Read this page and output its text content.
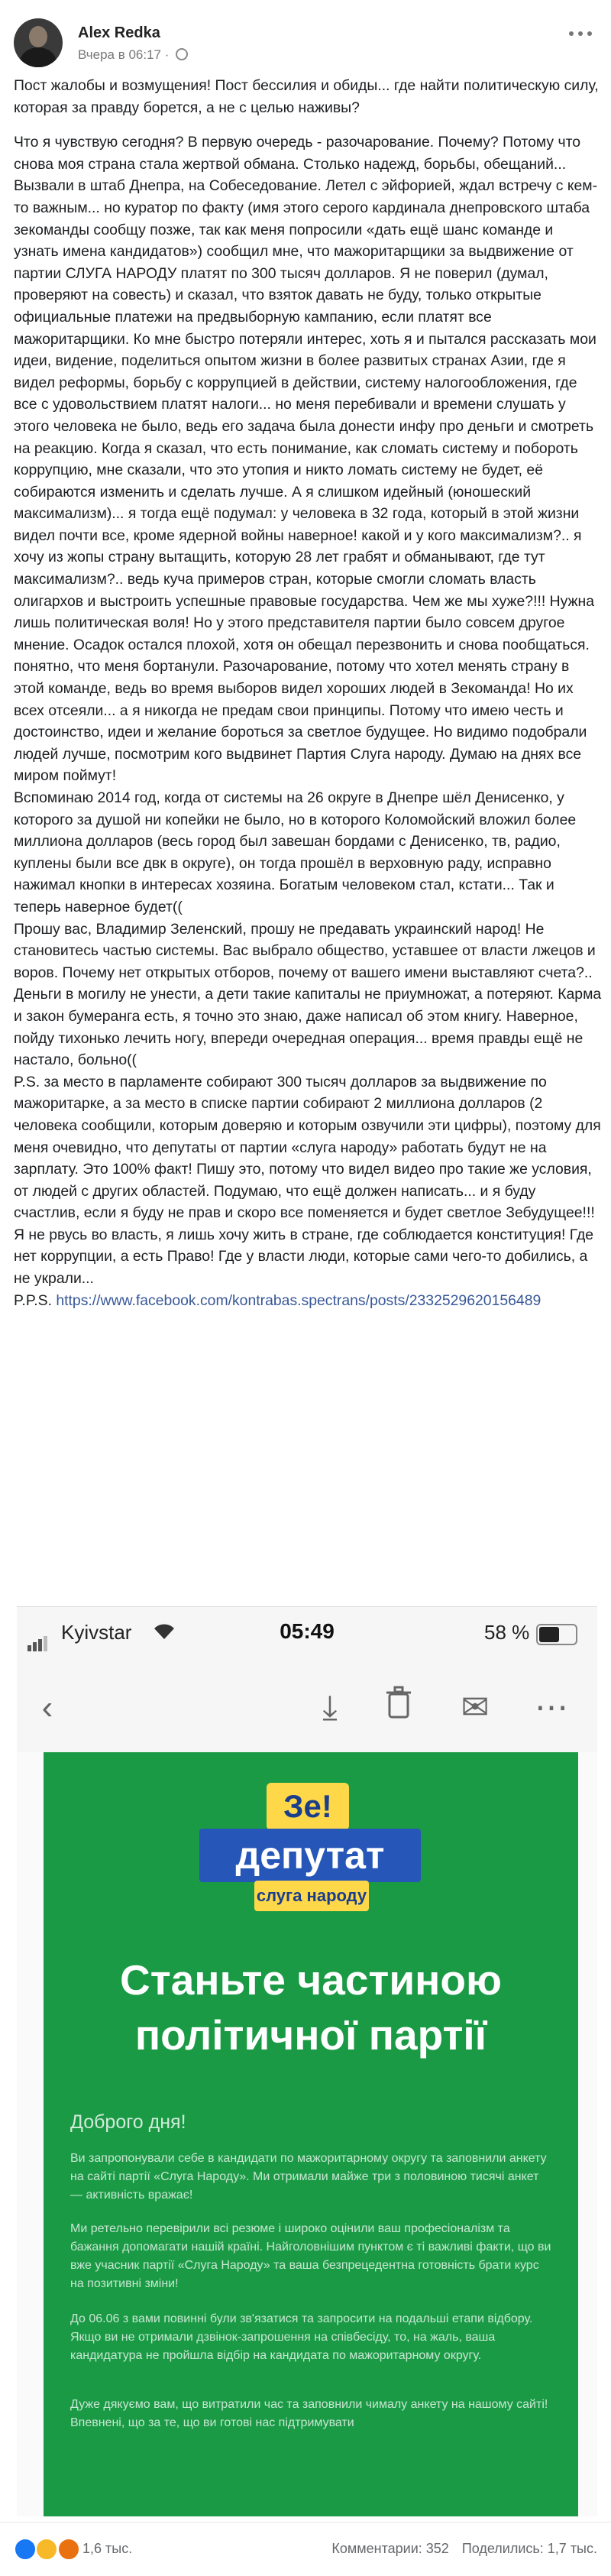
Alex Redka
Вчера в 06:17 ·

Пост жалобы и возмущения! Пост бессилия и обиды... где найти политическую силу, которая за правду борется, а не с целью наживы?

Что я чувствую сегодня? В первую очередь - разочарование. Почему? Потому что снова моя страна стала жертвой обмана. Столько надежд, борьбы, обещаний... Вызвали в штаб Днепра, на Собеседование. Летел с эйфорией, ждал встречу с кем-то важным... но куратор по факту (имя этого серого кардинала днепровского штаба зекоманды сообщу позже, так как меня попросили «дать ещё шанс команде и узнать имена кандидатов») сообщил мне, что мажоритарщики за выдвижение от партии СЛУГА НАРОДУ платят по 300 тысяч долларов. Я не поверил (думал, проверяют на совесть) и сказал, что взяток давать не буду, только открытые официальные платежи на предвыборную кампанию, если платят все мажоритарщики. Ко мне быстро потеряли интерес, хоть я и пытался рассказать мои идеи, видение, поделиться опытом жизни в более развитых странах Азии, где я видел реформы, борьбу с коррупцией в действии, систему налогообложения, где все с удовольствием платят налоги... но меня перебивали и времени слушать у этого человека не было, ведь его задача была донести инфу про деньги и смотреть на реакцию. Когда я сказал, что есть понимание, как сломать систему и побороть коррупцию, мне сказали, что это утопия и никто ломать систему не будет, её собираются изменить и сделать лучше. А я слишком идейный (юношеский максимализм)... я тогда ещё подумал: у человека в 32 года, который в этой жизни видел почти все, кроме ядерной войны наверное! какой и у кого максимализм?.. я хочу из жопы страну вытащить, которую 28 лет грабят и обманывают, где тут максимализм?.. ведь куча примеров стран, которые смогли сломать власть олигархов и выстроить успешные правовые государства. Чем же мы хуже?!!! Нужна лишь политическая воля! Но у этого представителя партии было совсем другое мнение. Осадок остался плохой, хотя он обещал перезвонить и снова пообщаться.
понятно, что меня бортанули. Разочарование, потому что хотел менять страну в этой команде, ведь во время выборов видел хороших людей в Зекоманда! Но их всех отсеяли... а я никогда не предам свои принципы. Потому что имею честь и достоинство, идеи и желание бороться за светлое будущее. Но видимо подобрали людей лучше, посмотрим кого выдвинет Партия Слуга народу. Думаю на днях все миром поймут!
Вспоминаю 2014 год, когда от системы на 26 округе в Днепре шёл Денисенко, у которого за душой ни копейки не было, но в которого Коломойский вложил более миллиона долларов (весь город был завешан бордами с Денисенко, тв, радио, куплены были все двк в округе), он тогда прошёл в верховную раду, исправно нажимал кнопки в интересах хозяина. Богатым человеком стал, кстати... Так и теперь наверное будет((
Прошу вас, Владимир Зеленский, прошу не предавать украинский народ! Не становитесь частью системы. Вас выбрало общество, уставшее от власти лжецов и воров. Почему нет открытых отборов, почему от вашего имени выставляют счета?.. Деньги в могилу не унести, а дети такие капиталы не приумножат, а потеряют. Карма и закон бумеранга есть, я точно это знаю, даже написал об этом книгу. Наверное, пойду тихонько лечить ногу, впереди очередная операция... время правды ещё не настало, больно((
P.S. за место в парламенте собирают 300 тысяч долларов за выдвижение по мажоритарке, а за место в списке партии собирают 2 миллиона долларов (2 человека сообщили, которым доверяю и которым озвучили эти цифры), поэтому для меня очевидно, что депутаты от партии «слуга народу» работать будут не на зарплату. Это 100% факт! Пишу это, потому что видел видео про такие же условия, от людей с других областей. Подумаю, что ещё должен написать... и я буду счастлив, если я буду не прав и скоро все поменяется и будет светлое Зебудущее!!! Я не рвусь во власть, я лишь хочу жить в стране, где соблюдается конституция! Где нет коррупции, а есть Право! Где у власти люди, которые сами чего-то добились, а не украли...
P.P.S. https://www.facebook.com/kontrabas.spectrans/posts/2332529620156489

Kyivstar	05:49	58 %
‹	⤓	✉ ⋯
Зе!
депутат
слуга народу
Станьте частиною політичної партії
Доброго дня!
Ви запропонували себе в кандидати по мажоритарному округу та заповнили анкету на сайті партії «Слуга Народу». Ми отримали майже три з половиною тисячі анкет — активність вражає!
Ми ретельно перевірили всі резюме і широко оцінили ваш професіоналізм та бажання допомагати нашій країні. Найголовнішим пунктом є ті важливі факти, що ви вже учасник партії «Слуга Народу» та ваша безпрецедентна готовність брати курс на позитивні зміни!
До 06.06 з вами повинні були зв'язатися та запросити на подальші етапи відбору. Якщо ви не отримали дзвінок-запрошення на співбесіду, то, на жаль, ваша кандидатура не пройшла відбір на кандидата по мажоритарному округу.
Дуже дякуємо вам, що витратили час та заповнили чималу анкету на нашому сайті! Впевнені, що за те, що ви готові нас підтримувати

1,6 тыс.	Комментарии: 352 Поделились: 1,7 тыс.
